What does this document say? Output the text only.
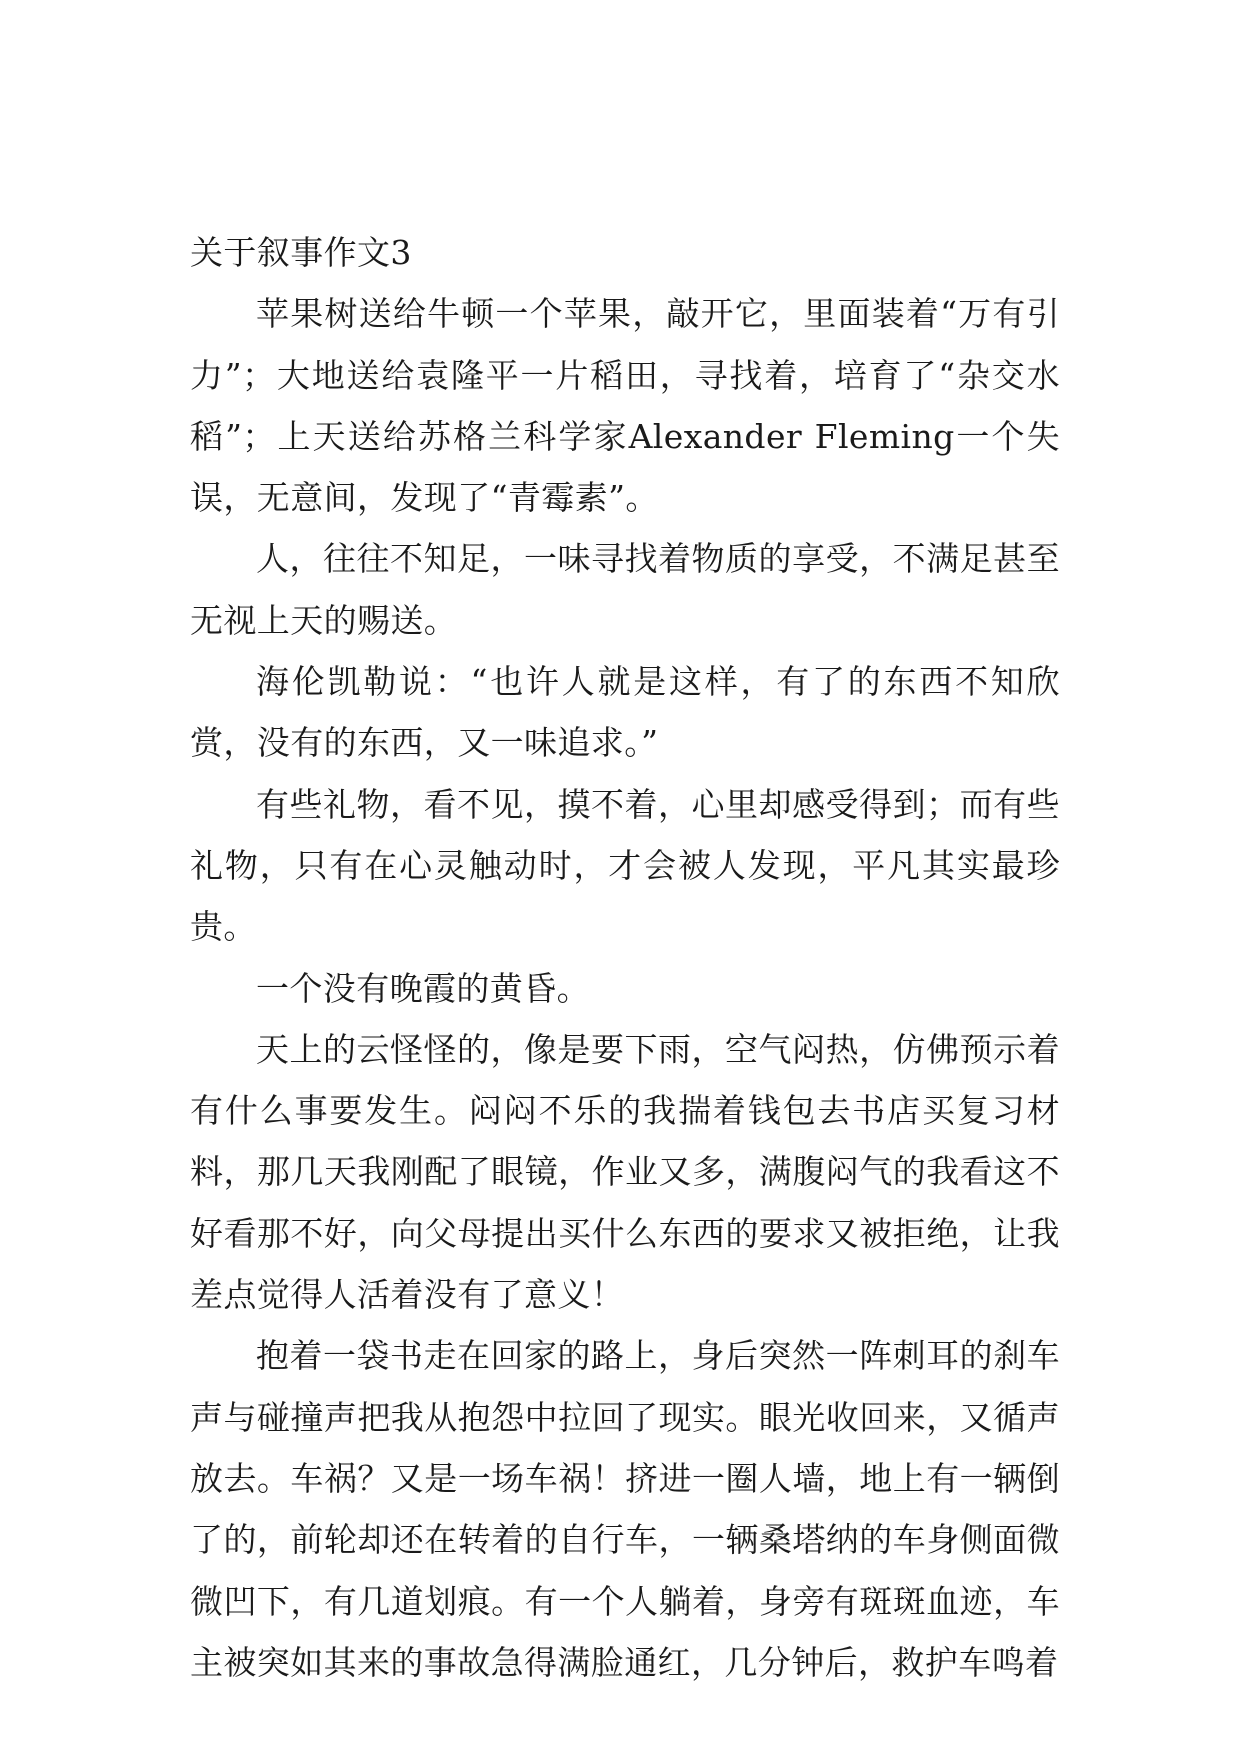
关于叙事作文3

苹果树送给牛顿一个苹果，敲开它，里面装着“万有引力”；大地送给袁隆平一片稻田，寻找着，培育了“杂交水稻”；上天送给苏格兰科学家Alexander Fleming一个失误，无意间，发现了“青霉素”。

人，往往不知足，一味寻找着物质的享受，不满足甚至无视上天的赐送。

海伦凯勒说：“也许人就是这样，有了的东西不知欣赏，没有的东西，又一味追求。”

有些礼物，看不见，摸不着，心里却感受得到；而有些礼物，只有在心灵触动时，才会被人发现，平凡其实最珍贵。

一个没有晚霞的黄昏。

天上的云怪怪的，像是要下雨，空气闷热，仿佛预示着有什么事要发生。闷闷不乐的我揣着钱包去书店买复习材料，那几天我刚配了眼镜，作业又多，满腹闷气的我看这不好看那不好，向父母提出买什么东西的要求又被拒绝，让我差点觉得人活着没有了意义！

抱着一袋书走在回家的路上，身后突然一阵刺耳的刹车声与碰撞声把我从抱怨中拉回了现实。眼光收回来，又循声放去。车祸？又是一场车祸！挤进一圈人墙，地上有一辆倒了的，前轮却还在转着的自行车，一辆桑塔纳的车身侧面微微凹下，有几道划痕。有一个人躺着，身旁有斑斑血迹，车主被突如其来的事故急得满脸通红，几分钟后，救护车鸣着
